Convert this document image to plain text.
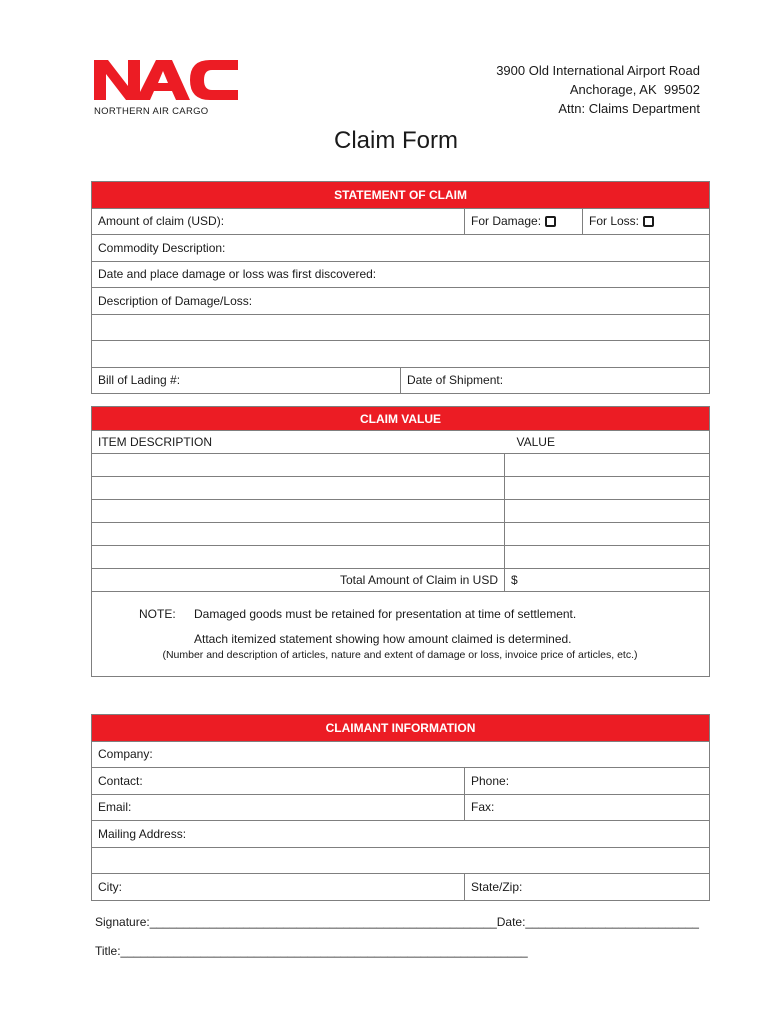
NORTHERN AIR CARGO
3900 Old International Airport Road
Anchorage, AK  99502
Attn: Claims Department
Claim Form
STATEMENT OF CLAIM			
Amount of claim (USD):		For Damage:	For Loss:
Commodity Description:			
Date and place damage or loss was first discovered:			
Description of Damage/Loss:			

Bill of Lading #:	Date of Shipment:		
CLAIM VALUE	
ITEM DESCRIPTION	VALUE

Total Amount of Claim in USD	$

NOTE: Damaged goods must be retained for presentation at time of settlement.
Attach itemized statement showing how amount claimed is determined.
(Number and description of articles, nature and extent of damage or loss, invoice price of articles, etc.)	
CLAIMANT INFORMATION	
Company:	
Contact:	Phone:
Email:	Fax:
Mailing Address:	

City:	State/Zip:
Signature:____________________________________________________Date:__________________________
Title:_____________________________________________________________
